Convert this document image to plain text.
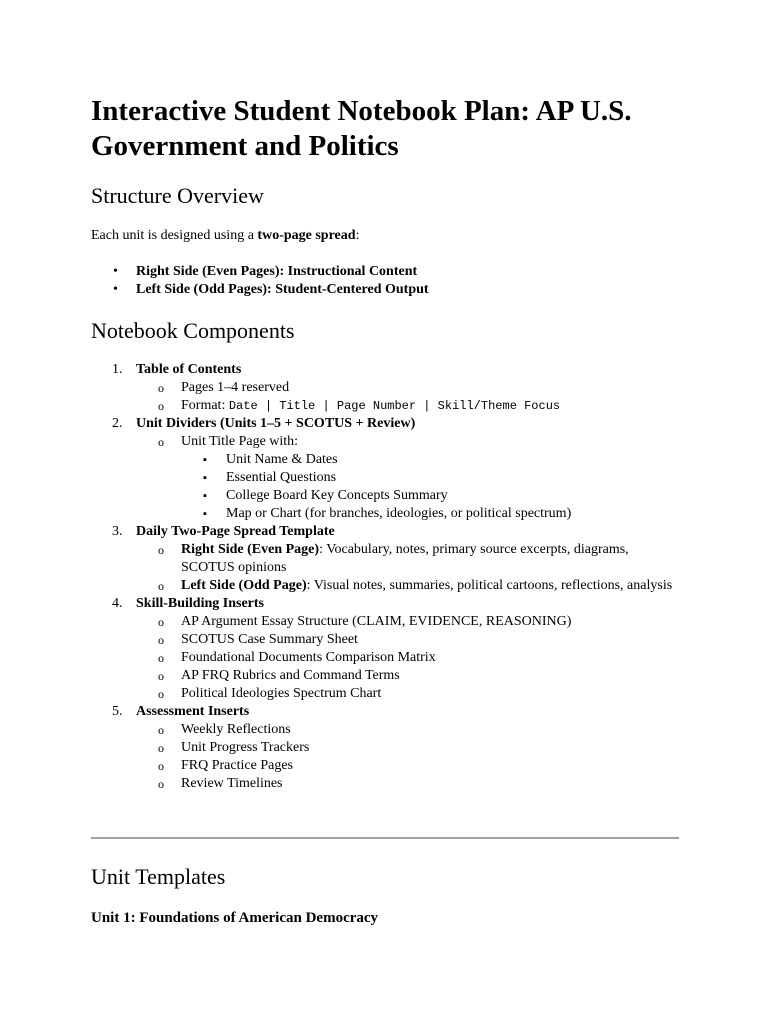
Interactive Student Notebook Plan: AP U.S. Government and Politics
Structure Overview

Each unit is designed using a two-page spread:

• Right Side (Even Pages): Instructional Content
• Left Side (Odd Pages): Student-Centered Output
Notebook Components
1. Table of Contents
o Pages 1–4 reserved
o Format: Date | Title | Page Number | Skill/Theme Focus
2. Unit Dividers (Units 1–5 + SCOTUS + Review)
o Unit Title Page with:
▪ Unit Name & Dates
▪ Essential Questions
▪ College Board Key Concepts Summary
▪ Map or Chart (for branches, ideologies, or political spectrum)
3. Daily Two-Page Spread Template
o Right Side (Even Page): Vocabulary, notes, primary source excerpts, diagrams, SCOTUS opinions
o Left Side (Odd Page): Visual notes, summaries, political cartoons, reflections, analysis
4. Skill-Building Inserts
o AP Argument Essay Structure (CLAIM, EVIDENCE, REASONING)
o SCOTUS Case Summary Sheet
o Foundational Documents Comparison Matrix
o AP FRQ Rubrics and Command Terms
o Political Ideologies Spectrum Chart
5. Assessment Inserts
o Weekly Reflections
o Unit Progress Trackers
o FRQ Practice Pages
o Review Timelines
Unit Templates
Unit 1: Foundations of American Democracy
